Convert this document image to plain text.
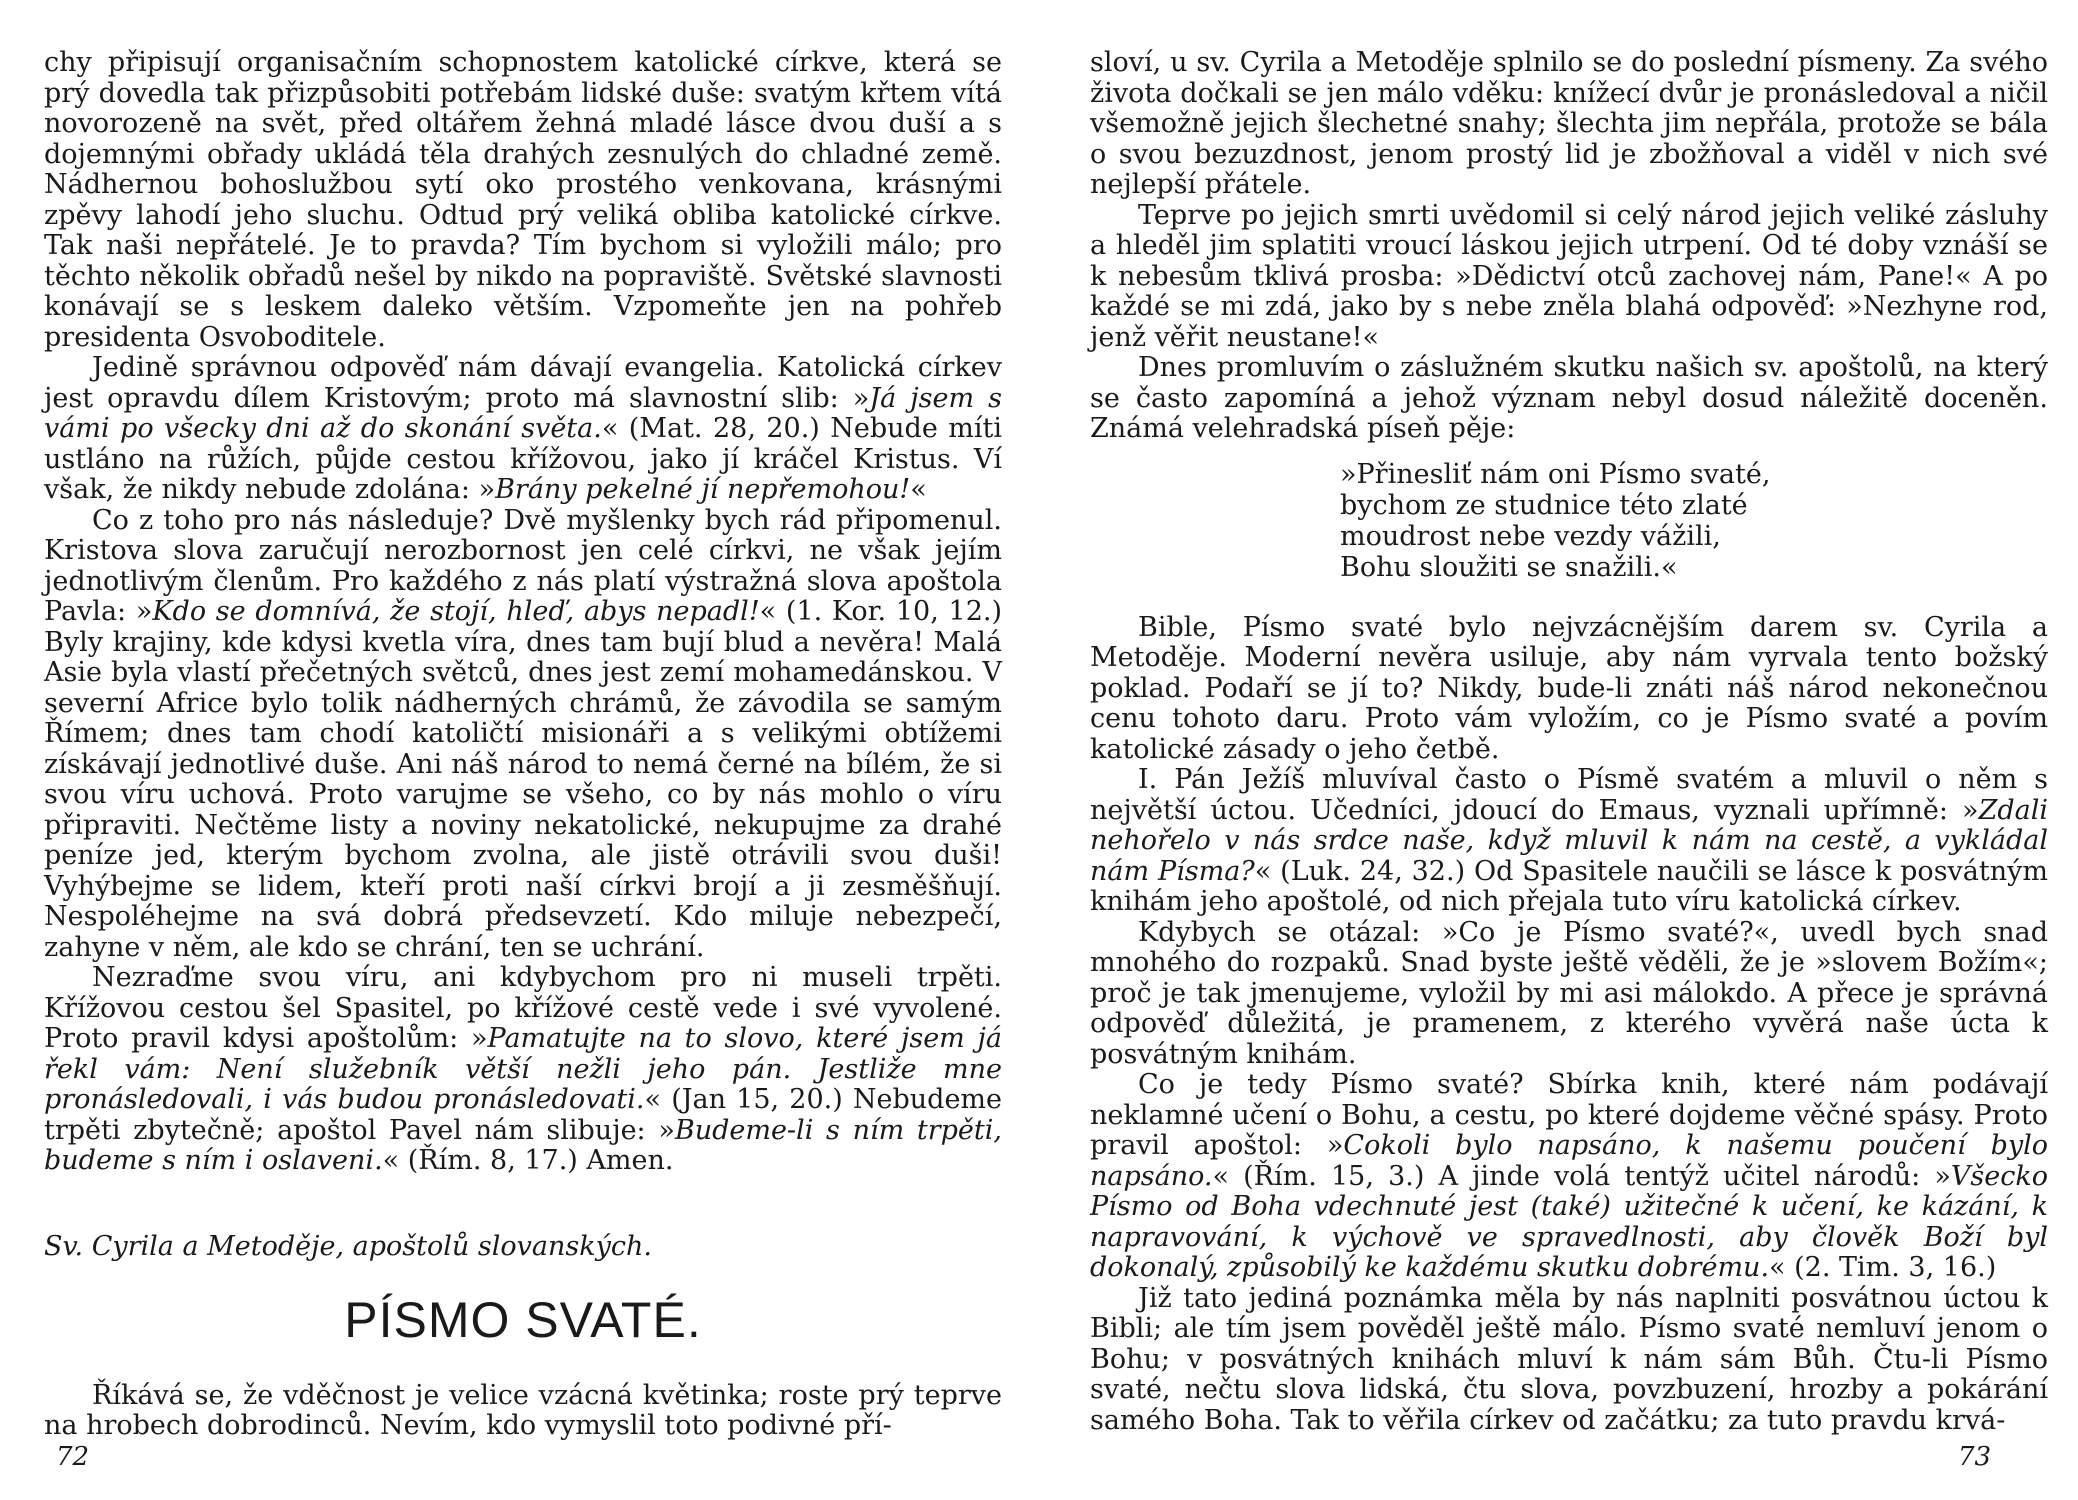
chy připisují organisačním schopnostem katolické církve, která se prý dovedla tak přizpůsobiti potřebám lidské duše: svatým křtem vítá novorozeně na svět, před oltářem žehná mladé lásce dvou duší a s dojemnými obřady ukládá těla drahých zesnulých do chladné země. Nádhernou bohoslužbou sytí oko prostého venkovana, krásnými zpěvy lahodí jeho sluchu. Odtud prý veliká obliba katolické církve. Tak naši nepřátelé. Je to pravda? Tím bychom si vyložili málo; pro těchto několik obřadů nešel by nikdo na popraviště. Světské slavnosti konávají se s leskem daleko větším. Vzpomeňte jen na pohřeb presidenta Osvoboditele.

Jedině správnou odpověď nám dávají evangelia. Katolická církev jest opravdu dílem Kristovým; proto má slavnostní slib: »Já jsem s vámi po všecky dni až do skonání světa.« (Mat. 28, 20.) Nebude míti ustláno na růžích, půjde cestou křížovou, jako jí kráčel Kristus. Ví však, že nikdy nebude zdolána: »Brány pekelné jí nepřemohou!«

Co z toho pro nás následuje? Dvě myšlenky bych rád připomenul. Kristova slova zaručují nerozbornost jen celé církvi, ne však jejím jednotlivým členům. Pro každého z nás platí výstražná slova apoštola Pavla: »Kdo se domnívá, že stojí, hleď, abys nepadl!« (1. Kor. 10, 12.) Byly krajiny, kde kdysi kvetla víra, dnes tam bují blud a nevěra! Malá Asie byla vlastí přečetných světců, dnes jest zemí mohamedánskou. V severní Africe bylo tolik nádherných chrámů, že závodila se samým Římem; dnes tam chodí katoličtí misionáři a s velikými obtížemi získávají jednotlivé duše. Ani náš národ to nemá černé na bílém, že si svou víru uchová. Proto varujme se všeho, co by nás mohlo o víru připraviti. Nečtěme listy a noviny nekatolické, nekupujme za drahé peníze jed, kterým bychom zvolna, ale jistě otrávili svou duši! Vyhýbejme se lidem, kteří proti naší církvi brojí a ji zesměšňují. Nespoléhejme na svá dobrá předsevzetí. Kdo miluje nebezpečí, zahyne v něm, ale kdo se chrání, ten se uchrání.

Nezraďme svou víru, ani kdybychom pro ni museli trpěti. Křížovou cestou šel Spasitel, po křížové cestě vede i své vyvolené. Proto pravil kdysi apoštolům: »Pamatujte na to slovo, které jsem já řekl vám: Není služebník větší nežli jeho pán. Jestliže mne pronásledovali, i vás budou pronásledovati.« (Jan 15, 20.) Nebudeme trpěti zbytečně; apoštol Pavel nám slibuje: »Budeme-li s ním trpěti, budeme s ním i oslaveni.« (Řím. 8, 17.) Amen.

Sv. Cyrila a Metoděje, apoštolů slovanských.
PÍSMO SVATÉ.

Říkává se, že vděčnost je velice vzácná květinka; roste prý teprve na hrobech dobrodinců. Nevím, kdo vymyslil toto podivné pří-

72

sloví, u sv. Cyrila a Metoděje splnilo se do poslední písmeny. Za svého života dočkali se jen málo vděku: knížecí dvůr je pronásledoval a ničil všemožně jejich šlechetné snahy; šlechta jim nepřála, protože se bála o svou bezuzdnost, jenom prostý lid je zbožňoval a viděl v nich své nejlepší přátele.

Teprve po jejich smrti uvědomil si celý národ jejich veliké zásluhy a hleděl jim splatiti vroucí láskou jejich utrpení. Od té doby vznáší se k nebesům tklivá prosba: »Dědictví otců zachovej nám, Pane!« A po každé se mi zdá, jako by s nebe zněla blahá odpověď: »Nezhyne rod, jenž věřit neustane!«

Dnes promluvím o záslužném skutku našich sv. apoštolů, na který se často zapomíná a jehož význam nebyl dosud náležitě doceněn. Známá velehradská píseň pěje:

»Přinesliť nám oni Písmo svaté,
bychom ze studnice této zlaté
moudrost nebe vezdy vážili,
Bohu sloužiti se snažili.«

Bible, Písmo svaté bylo nejvzácnějším darem sv. Cyrila a Metoděje. Moderní nevěra usiluje, aby nám vyrvala tento božský poklad. Podaří se jí to? Nikdy, bude-li znáti náš národ nekonečnou cenu tohoto daru. Proto vám vyložím, co je Písmo svaté a povím katolické zásady o jeho četbě.

I. Pán Ježíš mluvíval často o Písmě svatém a mluvil o něm s největší úctou. Učedníci, jdoucí do Emaus, vyznali upřímně: »Zdali nehořelo v nás srdce naše, když mluvil k nám na cestě, a vykládal nám Písma?« (Luk. 24, 32.) Od Spasitele naučili se lásce k posvátným knihám jeho apoštolé, od nich přejala tuto víru katolická církev.

Kdybych se otázal: »Co je Písmo svaté?«, uvedl bych snad mnohého do rozpaků. Snad byste ještě věděli, že je »slovem Božím«; proč je tak jmenujeme, vyložil by mi asi málokdo. A přece je správná odpověď důležitá, je pramenem, z kterého vyvěrá naše úcta k posvátným knihám.

Co je tedy Písmo svaté? Sbírka knih, které nám podávají neklamné učení o Bohu, a cestu, po které dojdeme věčné spásy. Proto pravil apoštol: »Cokoli bylo napsáno, k našemu poučení bylo napsáno.« (Řím. 15, 3.) A jinde volá tentýž učitel národů: »Všecko Písmo od Boha vdechnuté jest (také) užitečné k učení, ke kázání, k napravování, k výchově ve spravedlnosti, aby člověk Boží byl dokonalý, způsobilý ke každému skutku dobrému.« (2. Tim. 3, 16.)

Již tato jediná poznámka měla by nás naplniti posvátnou úctou k Bibli; ale tím jsem pověděl ještě málo. Písmo svaté nemluví jenom o Bohu; v posvátných knihách mluví k nám sám Bůh. Čtu-li Písmo svaté, nečtu slova lidská, čtu slova, povzbuzení, hrozby a pokárání samého Boha. Tak to věřila církev od začátku; za tuto pravdu krvá-

73
